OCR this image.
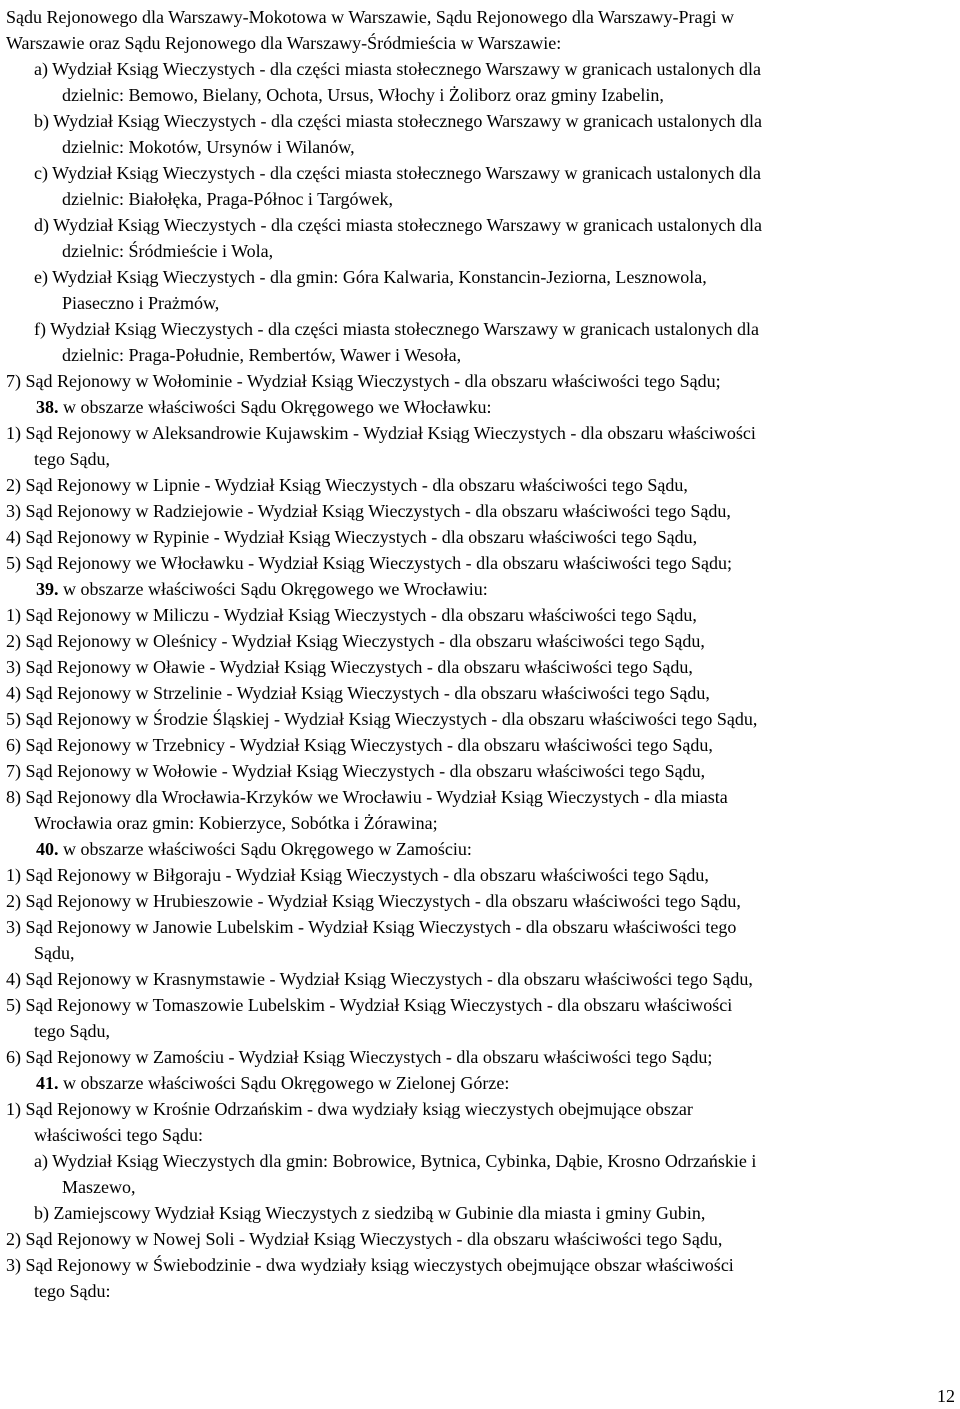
Sądu Rejonowego dla Warszawy-Mokotowa w Warszawie, Sądu Rejonowego dla Warszawy-Pragi w
Warszawie oraz Sądu Rejonowego dla Warszawy-Śródmieścia w Warszawie:
a) Wydział Ksiąg Wieczystych - dla części miasta stołecznego Warszawy w granicach ustalonych dla
dzielnic: Bemowo, Bielany, Ochota, Ursus, Włochy i Żoliborz oraz gminy Izabelin,
b) Wydział Ksiąg Wieczystych - dla części miasta stołecznego Warszawy w granicach ustalonych dla
dzielnic: Mokotów, Ursynów i Wilanów,
c) Wydział Ksiąg Wieczystych - dla części miasta stołecznego Warszawy w granicach ustalonych dla
dzielnic: Białołęka, Praga-Północ i Targówek,
d) Wydział Ksiąg Wieczystych - dla części miasta stołecznego Warszawy w granicach ustalonych dla
dzielnic: Śródmieście i Wola,
e) Wydział Ksiąg Wieczystych - dla gmin: Góra Kalwaria, Konstancin-Jeziorna, Lesznowola,
Piaseczno i Prażmów,
f) Wydział Ksiąg Wieczystych - dla części miasta stołecznego Warszawy w granicach ustalonych dla
dzielnic: Praga-Południe, Rembertów, Wawer i Wesoła,
7) Sąd Rejonowy w Wołominie - Wydział Ksiąg Wieczystych - dla obszaru właściwości tego Sądu;
38. w obszarze właściwości Sądu Okręgowego we Włocławku:
1) Sąd Rejonowy w Aleksandrowie Kujawskim - Wydział Ksiąg Wieczystych - dla obszaru właściwości
tego Sądu,
2) Sąd Rejonowy w Lipnie - Wydział Ksiąg Wieczystych - dla obszaru właściwości tego Sądu,
3) Sąd Rejonowy w Radziejowie - Wydział Ksiąg Wieczystych - dla obszaru właściwości tego Sądu,
4) Sąd Rejonowy w Rypinie - Wydział Ksiąg Wieczystych - dla obszaru właściwości tego Sądu,
5) Sąd Rejonowy we Włocławku - Wydział Ksiąg Wieczystych - dla obszaru właściwości tego Sądu;
39. w obszarze właściwości Sądu Okręgowego we Wrocławiu:
1) Sąd Rejonowy w Miliczu - Wydział Ksiąg Wieczystych - dla obszaru właściwości tego Sądu,
2) Sąd Rejonowy w Oleśnicy - Wydział Ksiąg Wieczystych - dla obszaru właściwości tego Sądu,
3) Sąd Rejonowy w Oławie - Wydział Ksiąg Wieczystych - dla obszaru właściwości tego Sądu,
4) Sąd Rejonowy w Strzelinie - Wydział Ksiąg Wieczystych - dla obszaru właściwości tego Sądu,
5) Sąd Rejonowy w Środzie Śląskiej - Wydział Ksiąg Wieczystych - dla obszaru właściwości tego Sądu,
6) Sąd Rejonowy w Trzebnicy - Wydział Ksiąg Wieczystych - dla obszaru właściwości tego Sądu,
7) Sąd Rejonowy w Wołowie - Wydział Ksiąg Wieczystych - dla obszaru właściwości tego Sądu,
8) Sąd Rejonowy dla Wrocławia-Krzyków we Wrocławiu - Wydział Ksiąg Wieczystych - dla miasta
Wrocławia oraz gmin: Kobierzyce, Sobótka i Żórawina;
40. w obszarze właściwości Sądu Okręgowego w Zamościu:
1) Sąd Rejonowy w Biłgoraju - Wydział Ksiąg Wieczystych - dla obszaru właściwości tego Sądu,
2) Sąd Rejonowy w Hrubieszowie - Wydział Ksiąg Wieczystych - dla obszaru właściwości tego Sądu,
3) Sąd Rejonowy w Janowie Lubelskim - Wydział Ksiąg Wieczystych - dla obszaru właściwości tego
Sądu,
4) Sąd Rejonowy w Krasnymstawie - Wydział Ksiąg Wieczystych - dla obszaru właściwości tego Sądu,
5) Sąd Rejonowy w Tomaszowie Lubelskim - Wydział Ksiąg Wieczystych - dla obszaru właściwości
tego Sądu,
6) Sąd Rejonowy w Zamościu - Wydział Ksiąg Wieczystych - dla obszaru właściwości tego Sądu;
41. w obszarze właściwości Sądu Okręgowego w Zielonej Górze:
1) Sąd Rejonowy w Krośnie Odrzańskim - dwa wydziały ksiąg wieczystych obejmujące obszar
właściwości tego Sądu:
a) Wydział Ksiąg Wieczystych dla gmin: Bobrowice, Bytnica, Cybinka, Dąbie, Krosno Odrzańskie i
Maszewo,
b) Zamiejscowy Wydział Ksiąg Wieczystych z siedzibą w Gubinie dla miasta i gminy Gubin,
2) Sąd Rejonowy w Nowej Soli - Wydział Ksiąg Wieczystych - dla obszaru właściwości tego Sądu,
3) Sąd Rejonowy w Świebodzinie - dwa wydziały ksiąg wieczystych obejmujące obszar właściwości
tego Sądu:
12
